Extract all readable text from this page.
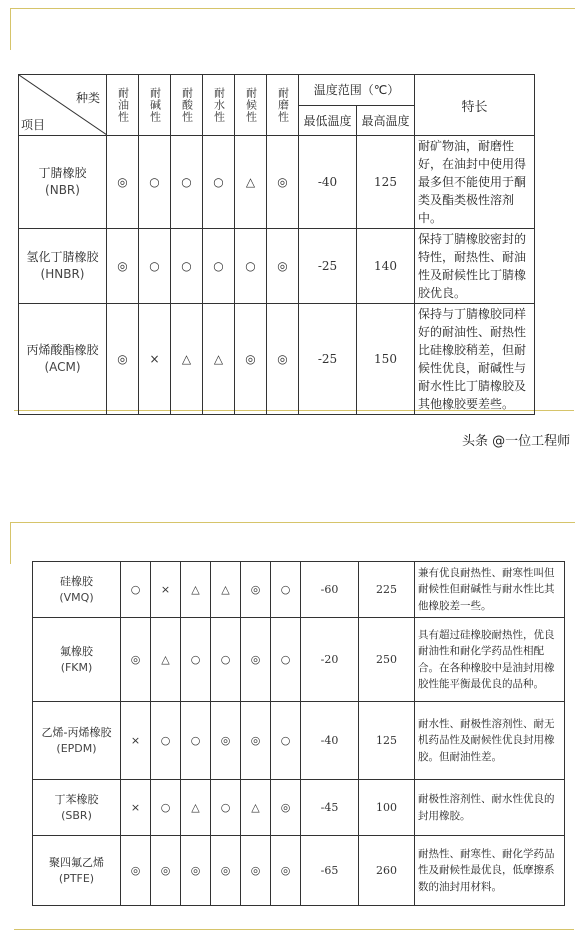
种类
项目	耐油性	耐碱性	耐酸性	耐水性	耐候性	耐磨性	温度范围（℃）		特长
							最低温度	最高温度	

丁腈橡胶
(NBR)	◎	○	○	○	△	◎	-40	125	耐矿物油，耐磨性好，在油封中使用得最多但不能使用于酮类及酯类极性溶剂中。

氢化丁腈橡胶
(HNBR)	◎	○	○	○	○	◎	-25	140	保持丁腈橡胶密封的特性，耐热性、耐油性及耐候性比丁腈橡胶优良。

丙烯酸酯橡胶
(ACM)	◎	×	△	△	◎	◎	-25	150	保持与丁腈橡胶同样好的耐油性、耐热性比硅橡胶稍差，但耐候性优良，耐碱性与耐水性比丁腈橡胶及其他橡胶要差些。
头条 @一位工程师
硅橡胶
(VMQ)	○	×	△	△	◎	○	-60	225	兼有优良耐热性、耐寒性叫但耐候性但耐碱性与耐水性比其他橡胶差一些。

氟橡胶
(FKM)	◎	△	○	○	◎	○	-20	250	具有超过硅橡胶耐热性，优良耐油性和耐化学药品性相配合。在各种橡胶中是油封用橡胶性能平衡最优良的品种。

乙烯-丙烯橡胶
(EPDM)	×	○	○	◎	◎	○	-40	125	耐水性、耐极性溶剂性、耐无机药品性及耐候性优良封用橡胶。但耐油性差。

丁苯橡胶
(SBR)	×	○	△	○	△	◎	-45	100	耐极性溶剂性、耐水性优良的封用橡胶。

聚四氟乙烯
(PTFE)	◎	◎	◎	◎	◎	◎	-65	260	耐热性、耐寒性、耐化学药品性及耐候性最优良，低摩擦系数的油封用材料。
